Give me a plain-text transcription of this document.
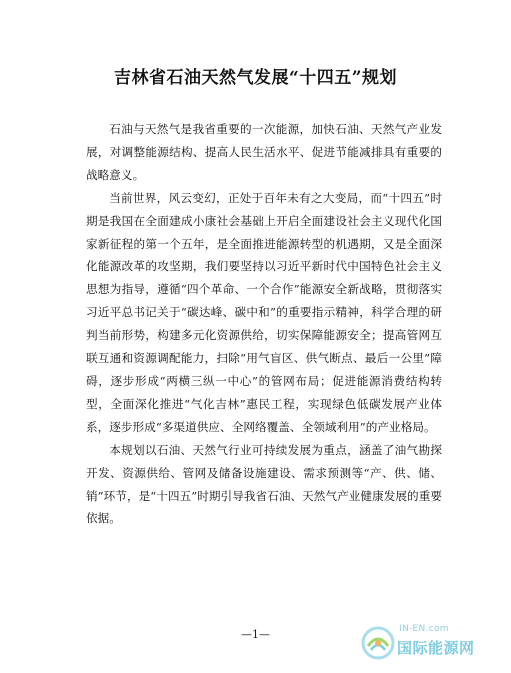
吉林省石油天然气发展“十四五”规划

石油与天然气是我省重要的一次能源，加快石油、天然气产业发展，对调整能源结构、提高人民生活水平、促进节能减排具有重要的战略意义。

当前世界，风云变幻，正处于百年未有之大变局，而“十四五”时期是我国在全面建成小康社会基础上开启全面建设社会主义现代化国家新征程的第一个五年，是全面推进能源转型的机遇期，又是全面深化能源改革的攻坚期，我们要坚持以习近平新时代中国特色社会主义思想为指导，遵循“四个革命、一个合作”能源安全新战略，贯彻落实习近平总书记关于“碳达峰、碳中和”的重要指示精神，科学合理的研判当前形势，构建多元化资源供给，切实保障能源安全；提高管网互联互通和资源调配能力，扫除“用气盲区、供气断点、最后一公里”障碍，逐步形成“两横三纵一中心”的管网布局；促进能源消费结构转型，全面深化推进“气化吉林”惠民工程，实现绿色低碳发展产业体系，逐步形成“多渠道供应、全网络覆盖、全领域利用”的产业格局。

本规划以石油、天然气行业可持续发展为重点，涵盖了油气勘探开发、资源供给、管网及储备设施建设、需求预测等“产、供、储、销”环节，是“十四五”时期引导我省石油、天然气产业健康发展的重要依据。

—1—	IN-EN.com
国际能源网
